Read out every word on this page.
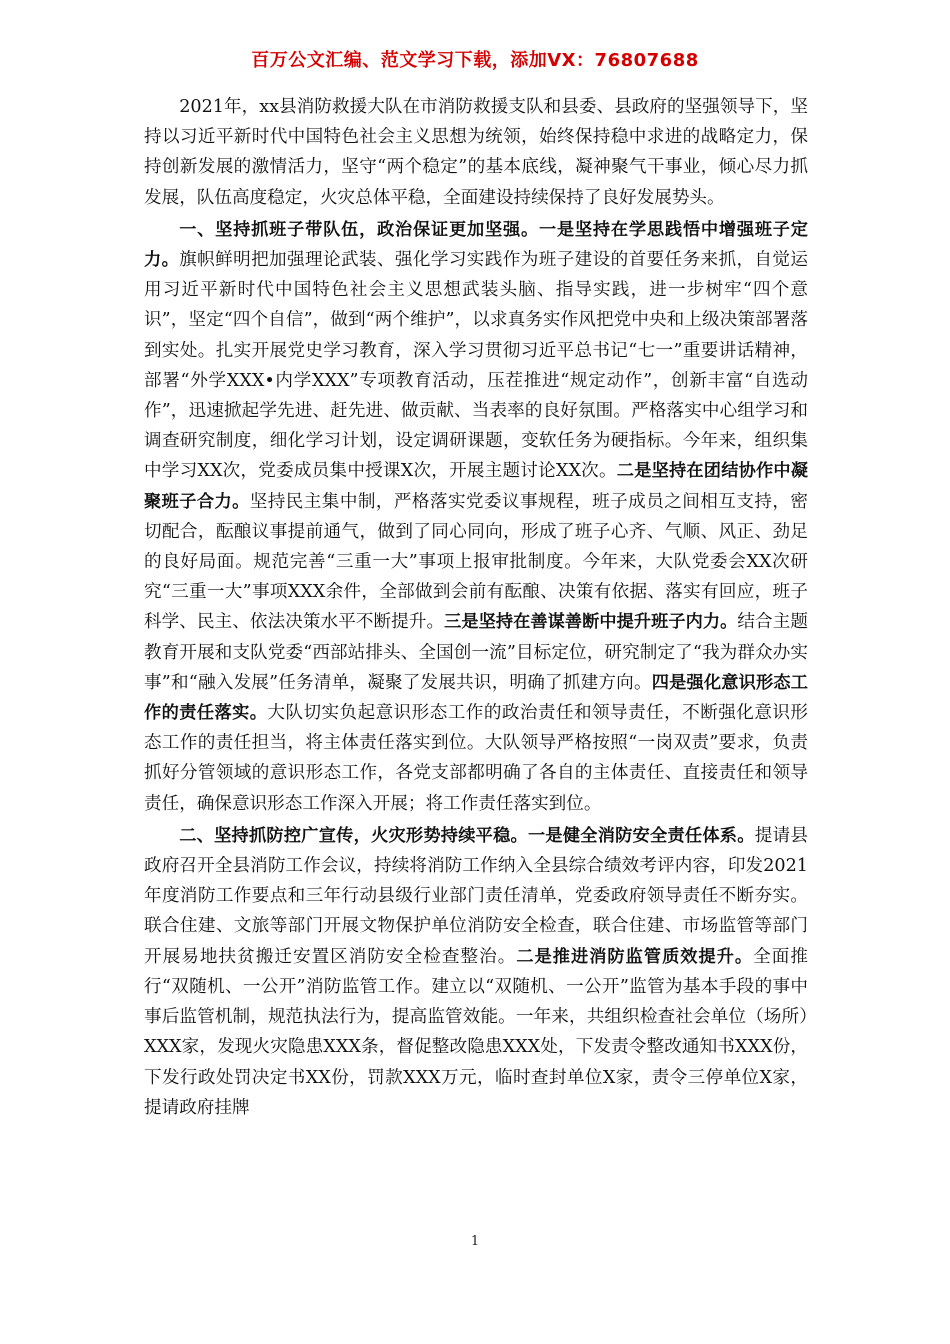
百万公文汇编、范文学习下载，添加VX：76807688

2021年，xx县消防救援大队在市消防救援支队和县委、县政府的坚强领导下，坚持以习近平新时代中国特色社会主义思想为统领，始终保持稳中求进的战略定力，保持创新发展的激情活力，坚守“两个稳定”的基本底线，凝神聚气干事业，倾心尽力抓发展，队伍高度稳定，火灾总体平稳，全面建设持续保持了良好发展势头。

一、坚持抓班子带队伍，政治保证更加坚强。一是坚持在学思践悟中增强班子定力。旗帜鲜明把加强理论武装、强化学习实践作为班子建设的首要任务来抓，自觉运用习近平新时代中国特色社会主义思想武装头脑、指导实践，进一步树牢“四个意识”，坚定“四个自信”，做到“两个维护”，以求真务实作风把党中央和上级决策部署落到实处。扎实开展党史学习教育，深入学习贯彻习近平总书记“七一”重要讲话精神，部署“外学XXX•内学XXX”专项教育活动，压茬推进“规定动作”，创新丰富“自选动作”，迅速掀起学先进、赶先进、做贡献、当表率的良好氛围。严格落实中心组学习和调查研究制度，细化学习计划，设定调研课题，变软任务为硬指标。今年来，组织集中学习XX次，党委成员集中授课X次，开展主题讨论XX次。二是坚持在团结协作中凝聚班子合力。坚持民主集中制，严格落实党委议事规程，班子成员之间相互支持，密切配合，酝酿议事提前通气，做到了同心同向，形成了班子心齐、气顺、风正、劲足的良好局面。规范完善“三重一大”事项上报审批制度。今年来，大队党委会XX次研究“三重一大”事项XXX余件，全部做到会前有酝酿、决策有依据、落实有回应，班子科学、民主、依法决策水平不断提升。三是坚持在善谋善断中提升班子内力。结合主题教育开展和支队党委“西部站排头、全国创一流”目标定位，研究制定了“我为群众办实事”和“融入发展”任务清单，凝聚了发展共识，明确了抓建方向。四是强化意识形态工作的责任落实。大队切实负起意识形态工作的政治责任和领导责任，不断强化意识形态工作的责任担当，将主体责任落实到位。大队领导严格按照“一岗双责”要求，负责抓好分管领域的意识形态工作，各党支部都明确了各自的主体责任、直接责任和领导责任，确保意识形态工作深入开展；将工作责任落实到位。

二、坚持抓防控广宣传，火灾形势持续平稳。一是健全消防安全责任体系。提请县政府召开全县消防工作会议，持续将消防工作纳入全县综合绩效考评内容，印发2021年度消防工作要点和三年行动县级行业部门责任清单，党委政府领导责任不断夯实。联合住建、文旅等部门开展文物保护单位消防安全检查，联合住建、市场监管等部门开展易地扶贫搬迁安置区消防安全检查整治。二是推进消防监管质效提升。全面推行“双随机、一公开”消防监管工作。建立以“双随机、一公开”监管为基本手段的事中事后监管机制，规范执法行为，提高监管效能。一年来，共组织检查社会单位（场所）XXX家，发现火灾隐患XXX条，督促整改隐患XXX处，下发责令整改通知书XXX份，下发行政处罚决定书XX份，罚款XXX万元，临时查封单位X家，责令三停单位X家，提请政府挂牌

1
